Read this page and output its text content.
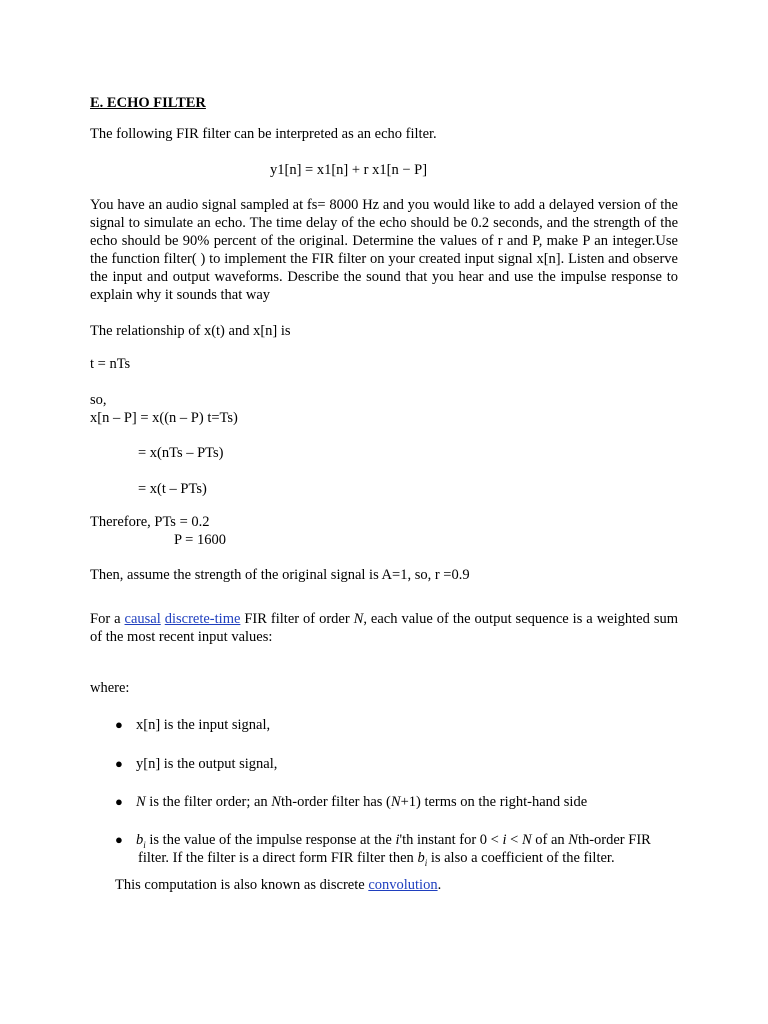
E. ECHO FILTER
The following FIR filter can be interpreted as an echo filter.
y1[n] = x1[n] + r x1[n − P]
You have an audio signal sampled at fs= 8000 Hz and you would like to add a delayed version of the signal to simulate an echo. The time delay of the echo should be 0.2 seconds, and the strength of the echo should be 90% percent of the original. Determine the values of r and P, make P an integer.Use the function filter( ) to implement the FIR filter on your created input signal x[n]. Listen and observe the input and output waveforms. Describe the sound that you hear and use the impulse response to explain why it sounds that way
The relationship of x(t) and x[n] is
t = nTs
so,
x[n – P] = x((n – P) t=Ts)
= x(nTs – PTs)
= x(t – PTs)
Therefore, PTs = 0.2
P = 1600
Then, assume the strength of the original signal is A=1, so, r =0.9
For a causal discrete-time FIR filter of order N, each value of the output sequence is a weighted sum of the most recent input values:
where:
● x[n] is the input signal,
● y[n] is the output signal,
● N is the filter order; an Nth-order filter has (N+1) terms on the right-hand side
● $b_i$ is the value of the impulse response at the i'th instant for 0 < i < N of an Nth-order FIR
filter. If the filter is a direct form FIR filter then $b_i$ is also a coefficient of the filter.
This computation is also known as discrete convolution.
